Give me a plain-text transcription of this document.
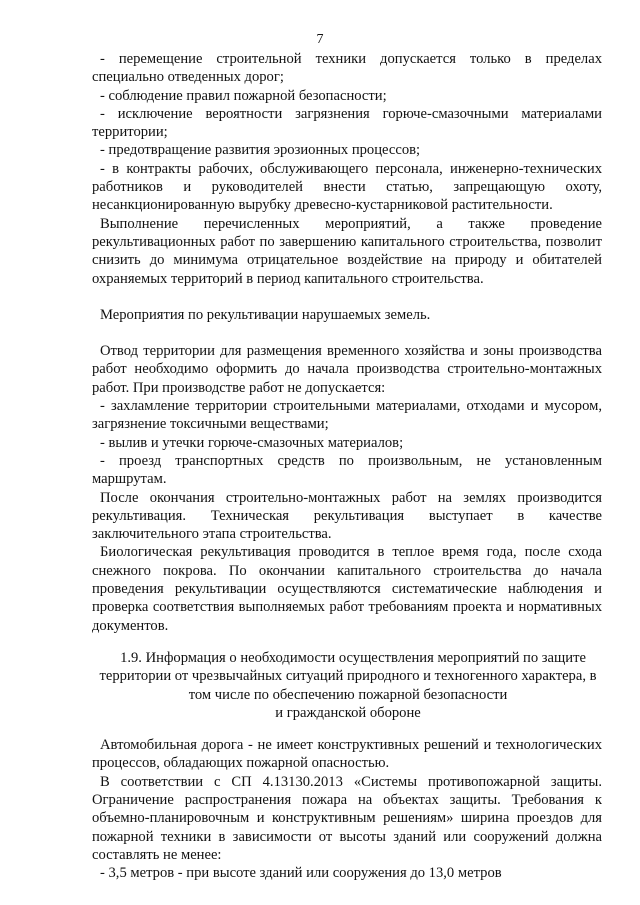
7

- перемещение строительной техники допускается только в пределах специально отведенных дорог;

- соблюдение правил пожарной безопасности;

- исключение вероятности загрязнения горюче-смазочными материалами территории;

- предотвращение развития эрозионных процессов;

- в контракты рабочих, обслуживающего персонала, инженерно-технических работников и руководителей внести статью, запрещающую охоту, несанкционированную вырубку древесно-кустарниковой растительности.

Выполнение перечисленных мероприятий, а также проведение рекультивационных работ по завершению капитального строительства, позволит снизить до минимума отрицательное воздействие на природу и обитателей охраняемых территорий в период капитального строительства.

Мероприятия по рекультивации нарушаемых земель.

Отвод территории для размещения временного хозяйства и зоны производства работ необходимо оформить до начала производства строительно-монтажных работ. При производстве работ не допускается:

- захламление территории строительными материалами, отходами и мусором, загрязнение токсичными веществами;

- вылив и утечки горюче-смазочных материалов;

- проезд транспортных средств по произвольным, не установленным маршрутам.

После окончания строительно-монтажных работ на землях производится рекультивация. Техническая рекультивация выступает в качестве заключительного этапа строительства.

Биологическая рекультивация проводится в теплое время года, после схода снежного покрова. По окончании капитального строительства до начала проведения рекультивации осуществляются систематические наблюдения и проверка соответствия выполняемых работ требованиям проекта и нормативных документов.

1.9. Информация о необходимости осуществления мероприятий по защите
территории от чрезвычайных ситуаций природного и техногенного характера, в
том числе по обеспечению пожарной безопасности
и гражданской обороне

Автомобильная дорога - не имеет конструктивных решений и технологических процессов, обладающих пожарной опасностью.

В соответствии с СП 4.13130.2013 «Системы противопожарной защиты. Ограничение распространения пожара на объектах защиты. Требования к объемно-планировочным и конструктивным решениям» ширина проездов для пожарной техники в зависимости от высоты зданий или сооружений должна составлять не менее:

- 3,5 метров - при высоте зданий или сооружения до 13,0 метров
